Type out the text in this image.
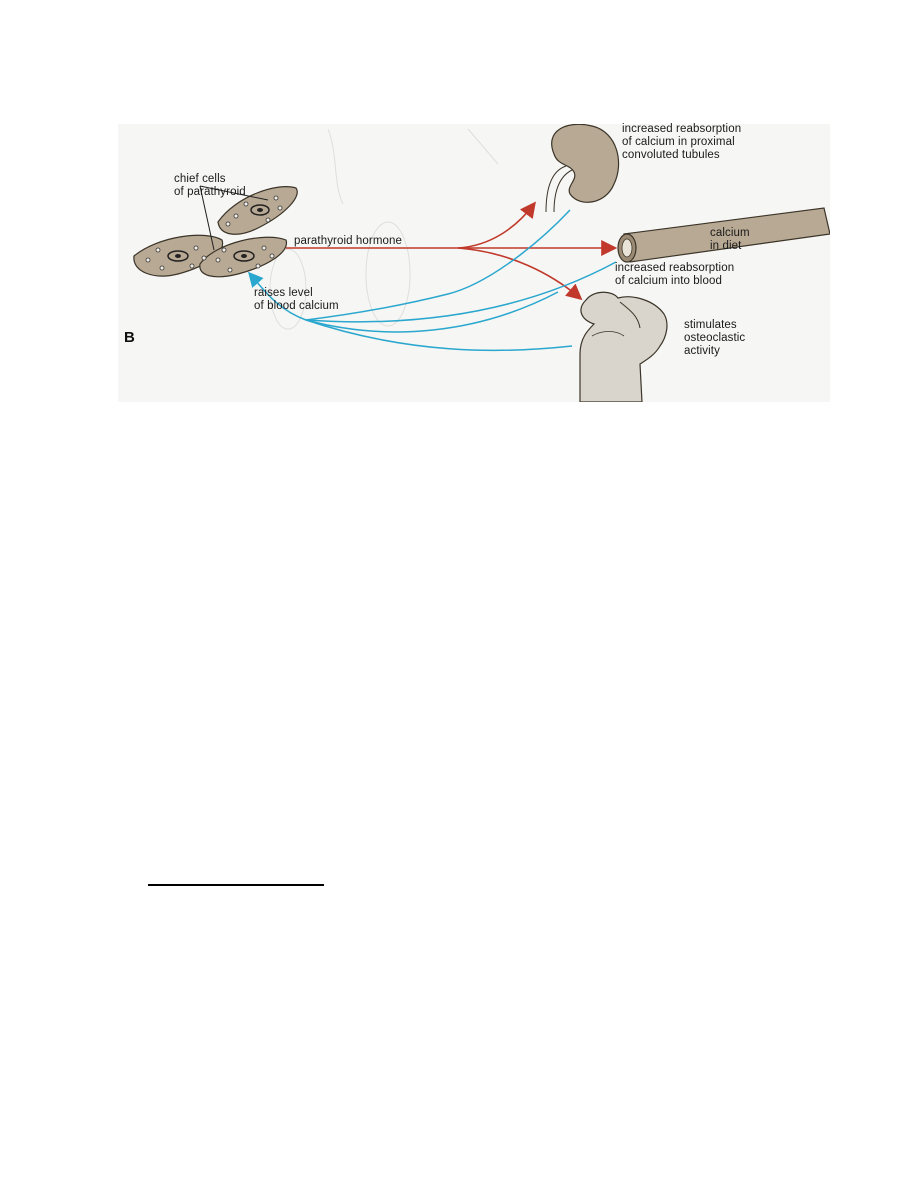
B
chief cells
of parathyroid
parathyroid hormone
raises level
of blood calcium
increased reabsorption
of calcium in proximal
convoluted tubules
calcium
in diet
increased reabsorption
of calcium into blood
stimulates
osteoclastic
activity
